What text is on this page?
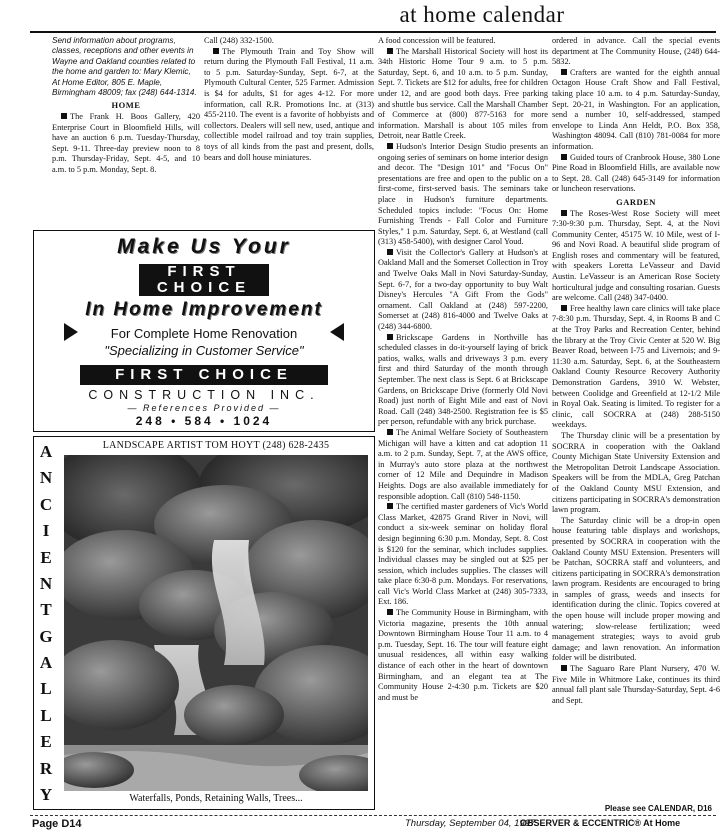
at home calendar

Send information about programs, classes, receptions and other events in Wayne and Oakland counties related to the home and garden to: Mary Klemic, At Home Editor, 805 E. Maple, Birmingham 48009; fax (248) 644-1314.

HOME

The Frank H. Boos Gallery, 420 Enterprise Court in Bloomfield Hills, will have an auction 6 p.m. Tuesday-Thursday, Sept. 9-11. Three-day preview noon to 8 p.m. Thursday-Friday, Sept. 4-5, and 10 a.m. to 5 p.m. Monday, Sept. 8.

Call (248) 332-1500.

The Plymouth Train and Toy Show will return during the Plymouth Fall Festival, 11 a.m. to 5 p.m. Saturday-Sunday, Sept. 6-7, at the Plymouth Cultural Center, 525 Farmer. Admission is $4 for adults, $1 for ages 4-12. For more information, call R.R. Promotions Inc. at (313) 455-2110. The event is a favorite of hobbyists and collectors. Dealers will sell new, used, antique and collectible model railroad and toy train supplies, toys of all kinds from the past and present, dolls, bears and doll house miniatures.

Make Us Your
FIRST
CHOICE
In Home Improvement
For Complete Home Renovation
"Specializing in Customer Service"
FIRST CHOICE
CONSTRUCTION INC.
— References Provided —
248 • 584 • 1024
A
N
C
I
E
N
T
G
A
L
L
E
R
Y
LANDSCAPE ARTIST TOM HOYT (248) 628-2435
Waterfalls, Ponds, Retaining Walls, Trees...

A food concession will be featured.

The Marshall Historical Society will host its 34th Historic Home Tour 9 a.m. to 5 p.m. Saturday, Sept. 6, and 10 a.m. to 5 p.m. Sunday, Sept. 7. Tickets are $12 for adults, free for children under 12, and are good both days. Free parking and shuttle bus service. Call the Marshall Chamber of Commerce at (800) 877-5163 for more information. Marshall is about 105 miles from Detroit, near Battle Creek.

Hudson's Interior Design Studio presents an ongoing series of seminars on home interior design and decor. The "Design 101" and "Focus On" presentations are free and open to the public on a first-come, first-served basis. The seminars take place in Hudson's furniture departments. Scheduled topics include: "Focus On: Home Furnishing Trends - Fall Color and Furniture Styles," 1 p.m. Saturday, Sept. 6, at Westland (call (313) 458-5400), with designer Carol Youd.

Visit the Collector's Gallery at Hudson's at Oakland Mall and the Somerset Collection in Troy and Twelve Oaks Mall in Novi Saturday-Sunday, Sept. 6-7, for a two-day opportunity to buy Walt Disney's Hercules "A Gift From the Gods" ornament. Call Oakland at (248) 597-2200, Somerset at (248) 816-4000 and Twelve Oaks at (248) 344-6800.

Brickscape Gardens in Northville has scheduled classes in do-it-yourself laying of brick patios, walks, walls and driveways 3 p.m. every first and third Saturday of the month through September. The next class is Sept. 6 at Brickscape Gardens, on Brickscape Drive (formerly Old Novi Road) just north of Eight Mile and east of Novi Road. Call (248) 348-2500. Registration fee is $5 per person, refundable with any brick purchase.

The Animal Welfare Society of Southeastern Michigan will have a kitten and cat adoption 11 a.m. to 2 p.m. Sunday, Sept. 7, at the AWS office, in Murray's auto store plaza at the northwest corner of 12 Mile and Dequindre in Madison Heights. Dogs are also available immediately for responsible adoption. Call (810) 548-1150.

The certified master gardeners of Vic's World Class Market, 42875 Grand River in Novi, will conduct a six-week seminar on holiday floral design beginning 6:30 p.m. Monday, Sept. 8. Cost is $120 for the seminar, which includes supplies. Individual classes may be singled out at $25 per session, which includes supplies. The classes will take place 6:30-8 p.m. Mondays. For reservations, call Vic's World Class Market at (248) 305-7333, Ext. 186.

The Community House in Birmingham, with Victoria magazine, presents the 10th annual Downtown Birmingham House Tour 11 a.m. to 4 p.m. Tuesday, Sept. 16. The tour will feature eight unusual residences, all within easy walking distance of each other in the heart of downtown Birmingham, and an elegant tea at The Community House 2-4:30 p.m. Tickets are $20 and must be

ordered in advance. Call the special events department at The Community House, (248) 644-5832.

Crafters are wanted for the eighth annual Octagon House Craft Show and Fall Festival, taking place 10 a.m. to 4 p.m. Saturday-Sunday, Sept. 20-21, in Washington. For an application, send a number 10, self-addressed, stamped envelope to Linda Ann Heldt, P.O. Box 358, Washington 48094. Call (810) 781-0084 for more information.

Guided tours of Cranbrook House, 380 Lone Pine Road in Bloomfield Hills, are available now to Sept. 28. Call (248) 645-3149 for information or luncheon reservations.

GARDEN

The Roses-West Rose Society will meet 7:30-9:30 p.m. Thursday, Sept. 4, at the Novi Community Center, 45175 W. 10 Mile, west of I-96 and Novi Road. A beautiful slide program of English roses and commentary will be featured, with speakers Loretta LeVasseur and David Austin. LeVasseur is an American Rose Society horticultural judge and consulting rosarian. Guests are welcome. Call (248) 347-0400.

Free healthy lawn care clinics will take place 7-8:30 p.m. Thursday, Sept. 4, in Rooms B and C at the Troy Parks and Recreation Center, behind the library at the Troy Civic Center at 520 W. Big Beaver Road, between I-75 and Livernois; and 9-11:30 a.m. Saturday, Sept. 6, at the Southeastern Oakland County Resource Recovery Authority Demonstration Gardens, 3910 W. Webster, between Coolidge and Greenfield at 12-1/2 Mile in Royal Oak. Seating is limited. To register for a clinic, call SOCRRA at (248) 288-5150 weekdays.

The Thursday clinic will be a presentation by SOCRRA in cooperation with the Oakland County Michigan State University Extension and the Metropolitan Detroit Landscape Association. Speakers will be from the MDLA, Greg Patchan of the Oakland County MSU Extension, and citizens participating in SOCRRA's demonstration lawn program.

The Saturday clinic will be a drop-in open house featuring table displays and workshops, presented by SOCRRA in cooperation with the Oakland County MSU Extension. Presenters will be Patchan, SOCRRA staff and volunteers, and citizens participating in SOCRRA's demonstration lawn program. Residents are encouraged to bring in samples of grass, weeds and insects for identification during the clinic. Topics covered at the open house will include proper mowing and watering; slow-release fertilization; weed management strategies; ways to avoid grub damage; and lawn renovation. An information folder will be distributed.

The Saguaro Rare Plant Nursery, 470 W. Five Mile in Whitmore Lake, continues its third annual fall plant sale Thursday-Saturday, Sept. 4-6 and Sept.

Please see CALENDAR, D16
Page D14	Thursday, September 04, 1997
OBSERVER & ECCENTRIC® At Home
